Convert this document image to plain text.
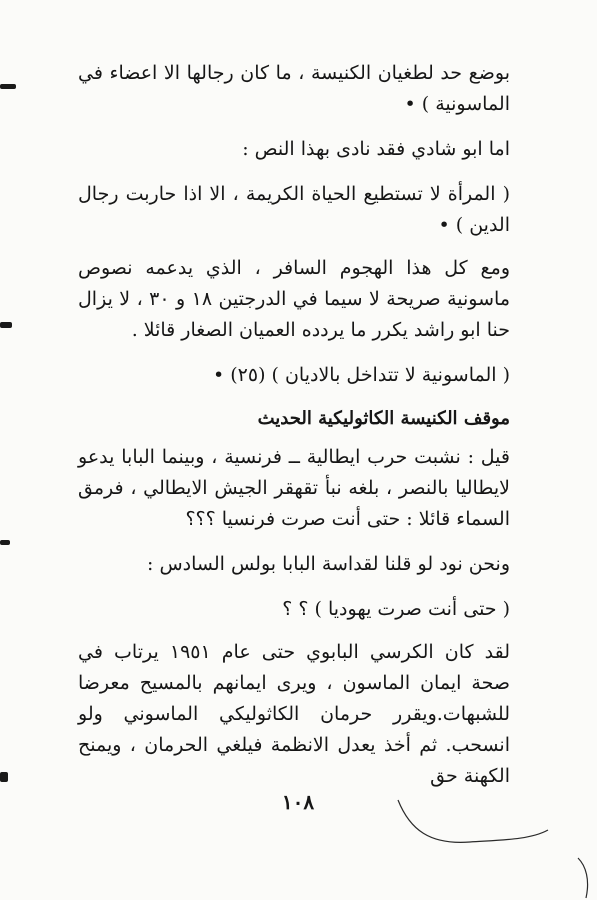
بوضع حد لطغيان الكنيسة ، ما كان رجالها الا اعضاء في الماسونية ) •

اما ابو شادي فقد نادى بهذا النص :

( المرأة لا تستطيع الحياة الكريمة ، الا اذا حاربت رجال الدين ) •

ومع كل هذا الهجوم السافر ، الذي يدعمه نصوص ماسونية صريحة لا سيما في الدرجتين ١٨ و ٣٠ ، لا يزال حنا ابو راشد يكرر ما يردده العميان الصغار قائلا .

( الماسونية لا تتداخل بالاديان ) (٢٥) •

موقف الكنيسة الكاثوليكية الحديث

قيل : نشبت حرب ايطالية ــ فرنسية ، وبينما البابا يدعو لايطاليا بالنصر ، بلغه نبأ تقهقر الجيش الايطالي ، فرمق السماء قائلا : حتى أنت صرت فرنسيا ؟؟؟

ونحن نود لو قلنا لقداسة البابا بولس السادس :

( حتى أنت صرت يهوديا ) ؟ ؟

لقد كان الكرسي البابوي حتى عام ١٩٥١ يرتاب في صحة ايمان الماسون ، ويرى ايمانهم بالمسيح معرضا للشبهات.ويقرر حرمان الكاثوليكي الماسوني ولو انسحب. ثم أخذ يعدل الانظمة فيلغي الحرمان ، ويمنح الكهنة حق

١٠٨
